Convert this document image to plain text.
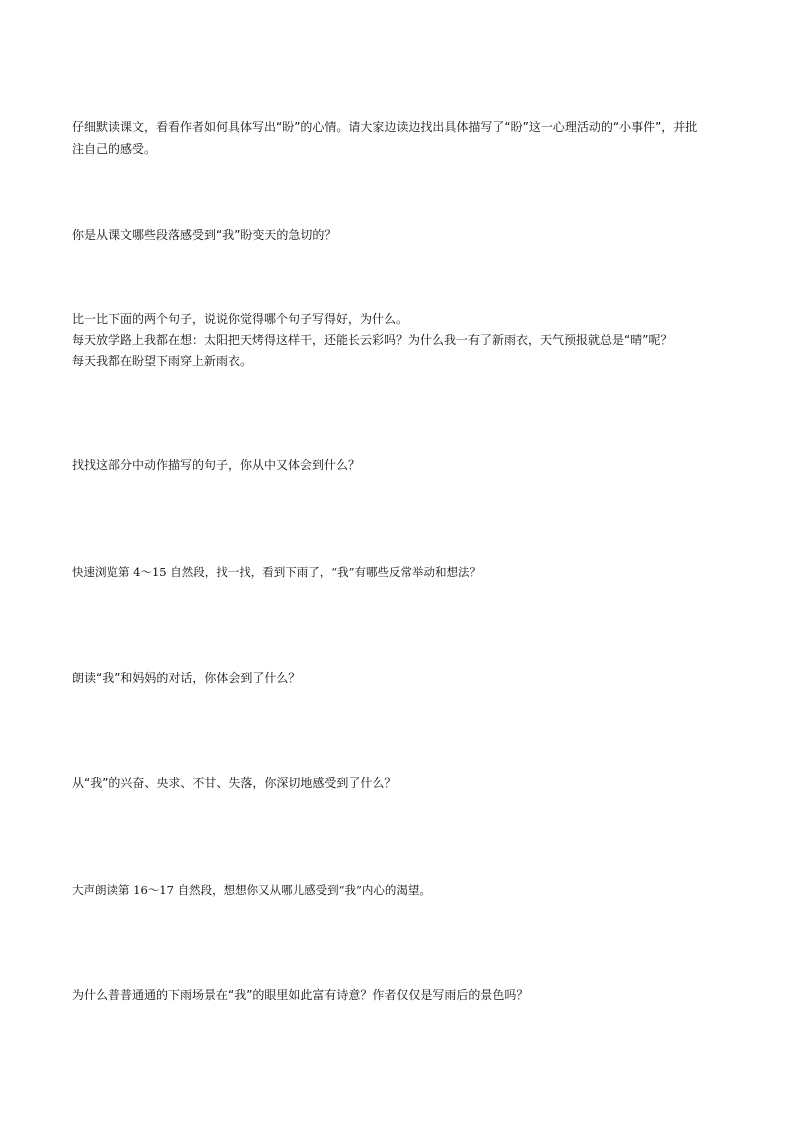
仔细默读课文，看看作者如何具体写出“盼”的心情。请大家边读边找出具体描写了“盼”这一心理活动的“小事件”，并批
注自己的感受。
你是从课文哪些段落感受到“我”盼变天的急切的？
比一比下面的两个句子，说说你觉得哪个句子写得好，为什么。
每天放学路上我都在想：太阳把天烤得这样干，还能长云彩吗？为什么我一有了新雨衣，天气预报就总是“晴”呢？
每天我都在盼望下雨穿上新雨衣。
找找这部分中动作描写的句子，你从中又体会到什么？
快速浏览第 4～15 自然段，找一找，看到下雨了，“我”有哪些反常举动和想法？
朗读“我”和妈妈的对话，你体会到了什么？
从“我”的兴奋、央求、不甘、失落，你深切地感受到了什么？
大声朗读第 16～17 自然段，想想你又从哪儿感受到“我”内心的渴望。
为什么普普通通的下雨场景在“我”的眼里如此富有诗意？作者仅仅是写雨后的景色吗？
